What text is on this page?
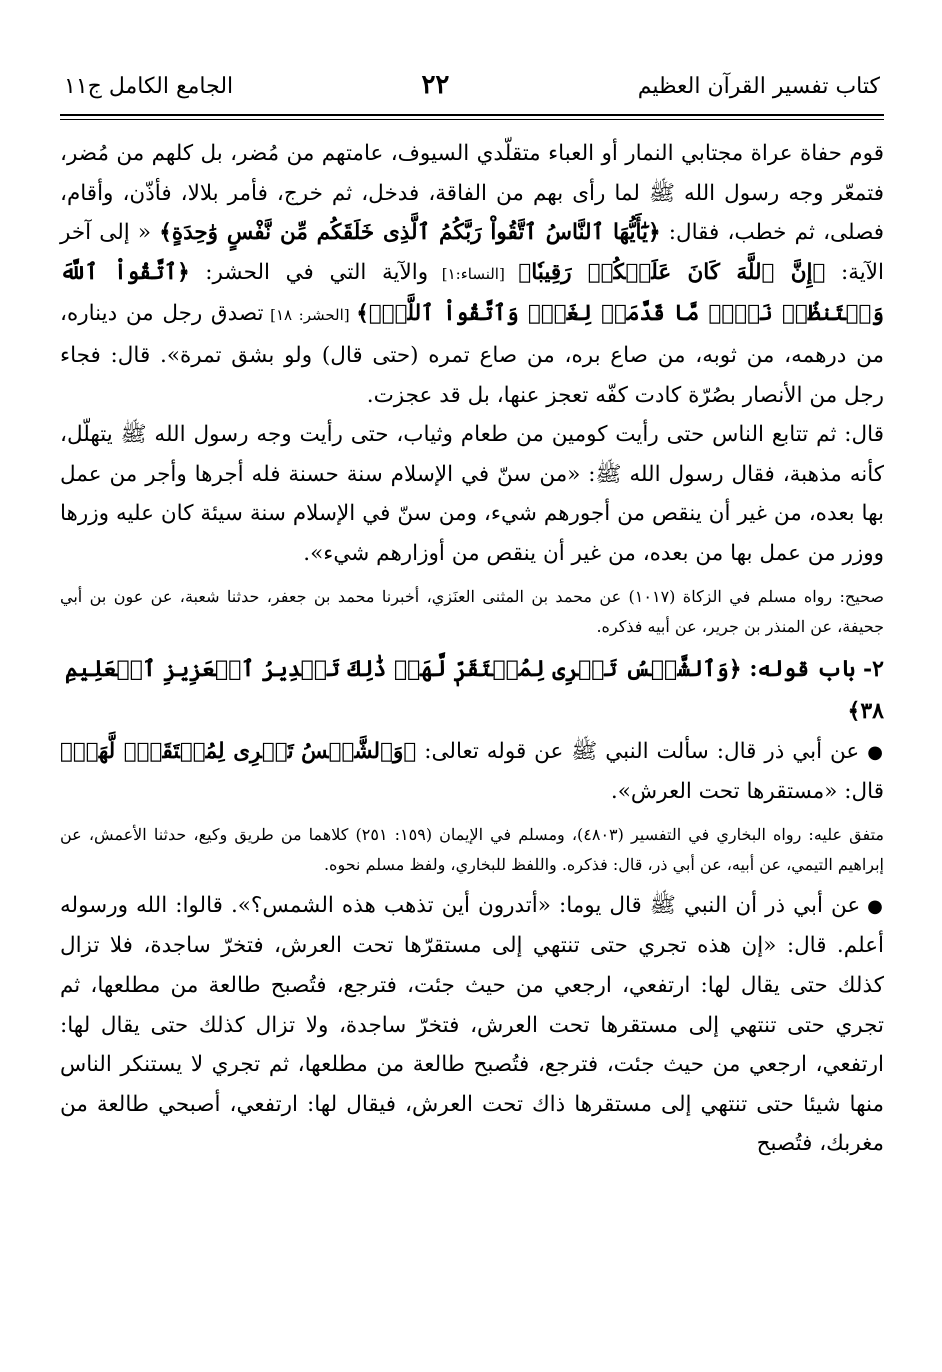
كتاب تفسير القرآن العظيم
٢٢
الجامع الكامل ج١١

قوم حفاة عراة مجتابي النمار أو العباء متقلّدي السيوف، عامتهم من مُضر، بل كلهم من مُضر، فتمعّر وجه رسول الله ﷺ لما رأى بهم من الفاقة، فدخل، ثم خرج، فأمر بلالا، فأذّن، وأقام، فصلى، ثم خطب، فقال: ﴿يَٰٓأَيُّهَا ٱلنَّاسُ ٱتَّقُواْ رَبَّكُمُ ٱلَّذِى خَلَقَكُم مِّن نَّفْسٍ وَٰحِدَةٍ﴾ « إلى آخر الآية: ﴿إِنَّ ٱللَّهَ كَانَ عَلَيۡكُمۡ رَقِيبٗا﴾ [النساء:١] والآية التي في الحشر: ﴿ٱتَّقُواْ ٱللَّهَ وَلۡتَنظُرۡ نَفۡسٞ مَّا قَدَّمَتۡ لِغَدٖۖ وَٱتَّقُواْ ٱللَّهَۚ﴾ [الحشر: ١٨] تصدق رجل من ديناره، من درهمه، من ثوبه، من صاع بره، من صاع تمره (حتى قال) ولو بشق تمرة». قال: فجاء رجل من الأنصار بصُرّة كادت كفّه تعجز عنها، بل قد عجزت.

قال: ثم تتابع الناس حتى رأيت كومين من طعام وثياب، حتى رأيت وجه رسول الله ﷺ يتهلّل، كأنه مذهبة، فقال رسول الله ﷺ: «من سنّ في الإسلام سنة حسنة فله أجرها وأجر من عمل بها بعده، من غير أن ينقص من أجورهم شيء، ومن سنّ في الإسلام سنة سيئة كان عليه وزرها ووزر من عمل بها من بعده، من غير أن ينقص من أوزارهم شيء».

صحيح: رواه مسلم في الزكاة (١٠١٧) عن محمد بن المثنى العنَزي، أخبرنا محمد بن جعفر، حدثنا شعبة، عن عون بن أبي جحيفة، عن المنذر بن جرير، عن أبيه فذكره.

٢- باب قوله: ﴿وَٱلشَّمۡسُ تَجۡرِى لِمُسۡتَقَرّٖ لَّهَاۚ ذَٰلِكَ تَقۡدِيرُ ٱلۡعَزِيزِ ٱلۡعَلِيمِ ٣٨﴾

● عن أبي ذر قال: سألت النبي ﷺ عن قوله تعالى: ﴿وَٱلشَّمۡسُ تَجۡرِى لِمُسۡتَقَرّٖ لَّهَاۚ﴾ قال: «مستقرها تحت العرش».

متفق عليه: رواه البخاري في التفسير (٤٨٠٣)، ومسلم في الإيمان (١٥٩: ٢٥١) كلاهما من طريق وكيع، حدثنا الأعمش، عن إبراهيم التيمي، عن أبيه، عن أبي ذر، قال: فذكره. واللفظ للبخاري، ولفظ مسلم نحوه.

● عن أبي ذر أن النبي ﷺ قال يوما: «أتدرون أين تذهب هذه الشمس؟». قالوا: الله ورسوله أعلم. قال: «إن هذه تجري حتى تنتهي إلى مستقرّها تحت العرش، فتخرّ ساجدة، فلا تزال كذلك حتى يقال لها: ارتفعي، ارجعي من حيث جئت، فترجع، فتُصبح طالعة من مطلعها، ثم تجري حتى تنتهي إلى مستقرها تحت العرش، فتخرّ ساجدة، ولا تزال كذلك حتى يقال لها: ارتفعي، ارجعي من حيث جئت، فترجع، فتُصبح طالعة من مطلعها، ثم تجري لا يستنكر الناس منها شيئا حتى تنتهي إلى مستقرها ذاك تحت العرش، فيقال لها: ارتفعي، أصبحي طالعة من مغربك، فتُصبح
